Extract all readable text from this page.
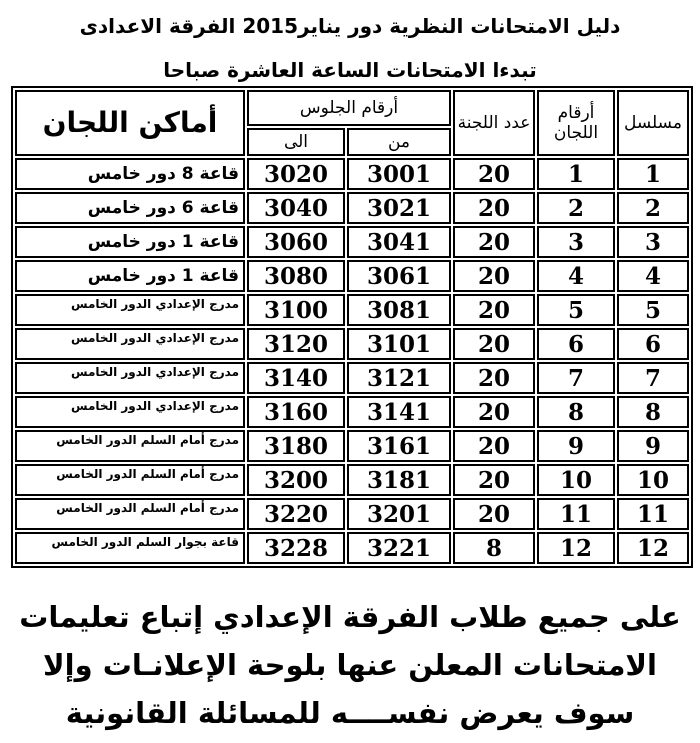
دليل الامتحانات النظرية دور يناير2015 الفرقة الاعدادى
تبدءا الامتحانات الساعة العاشرة صباحا
مسلسل	أرقام اللجان	عدد اللجنة	أرقام الجلوس		أماكن اللجان
			من	الى	
1	1	20	3001	3020	قاعة 8 دور خامس
2	2	20	3021	3040	قاعة 6 دور خامس
3	3	20	3041	3060	قاعة 1 دور خامس
4	4	20	3061	3080	قاعة 1 دور خامس
5	5	20	3081	3100	مدرج الإعدادي الدور الخامس
6	6	20	3101	3120	مدرج الإعدادي الدور الخامس
7	7	20	3121	3140	مدرج الإعدادي الدور الخامس
8	8	20	3141	3160	مدرج الإعدادي الدور الخامس
9	9	20	3161	3180	مدرج أمام السلم الدور الخامس
10	10	20	3181	3200	مدرج أمام السلم الدور الخامس
11	11	20	3201	3220	مدرج أمام السلم الدور الخامس
12	12	8	3221	3228	قاعة بجوار السلم الدور الخامس
على جميع طلاب الفرقة الإعدادي إتباع تعليمات
الامتحانات المعلن عنها بلوحة الإعلانـات وإلا
سوف يعرض نفســــه للمسائلة القانونية
